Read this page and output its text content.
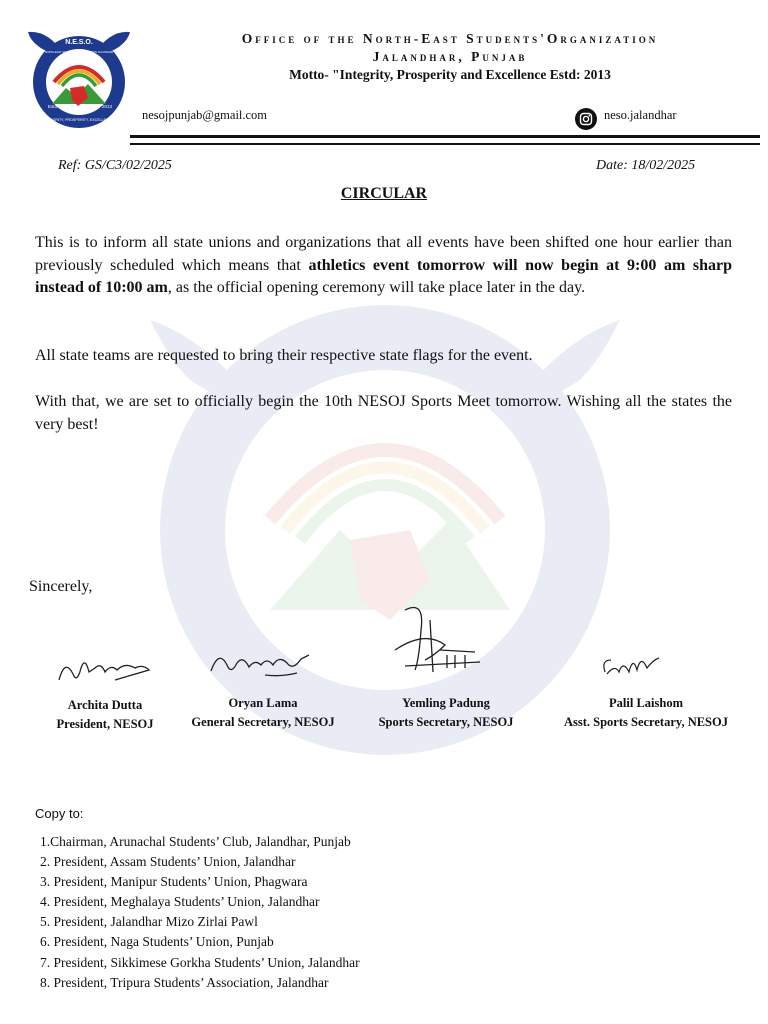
N.E.S.O.
Estd.	2013
INTEGRITY, PROSPERITY, EXCELLENCE
NORTH-EAST STUDENTS' ORGANIZATION JALANDHAR
Office of the North-East Students'Organization
Jalandhar, Punjab
Motto- "Integrity, Prosperity and Excellence Estd: 2013
nesojpunjab@gmail.com	neso.jalandhar
Ref: GS/C3/02/2025	Date: 18/02/2025
CIRCULAR
This is to inform all state unions and organizations that all events have been shifted one hour earlier than previously scheduled which means that athletics event tomorrow will now begin at 9:00 am sharp instead of 10:00 am, as the official opening ceremony will take place later in the day.
All state teams are requested to bring their respective state flags for the event.
With that, we are set to officially begin the 10th NESOJ Sports Meet tomorrow. Wishing all the states the very best!
Sincerely,
Archita Dutta
President, NESOJ
Oryan Lama
General Secretary, NESOJ
Yemling Padung
Sports Secretary, NESOJ
Palil Laishom
Asst. Sports Secretary, NESOJ
Copy to:
1.Chairman, Arunachal Students’ Club, Jalandhar, Punjab
2. President, Assam Students’ Union, Jalandhar
3. President, Manipur Students’ Union, Phagwara
4. President, Meghalaya Students’ Union, Jalandhar
5. President, Jalandhar Mizo Zirlai Pawl
6. President, Naga Students’ Union, Punjab
7. President, Sikkimese Gorkha Students’ Union, Jalandhar
8. President, Tripura Students’ Association, Jalandhar
